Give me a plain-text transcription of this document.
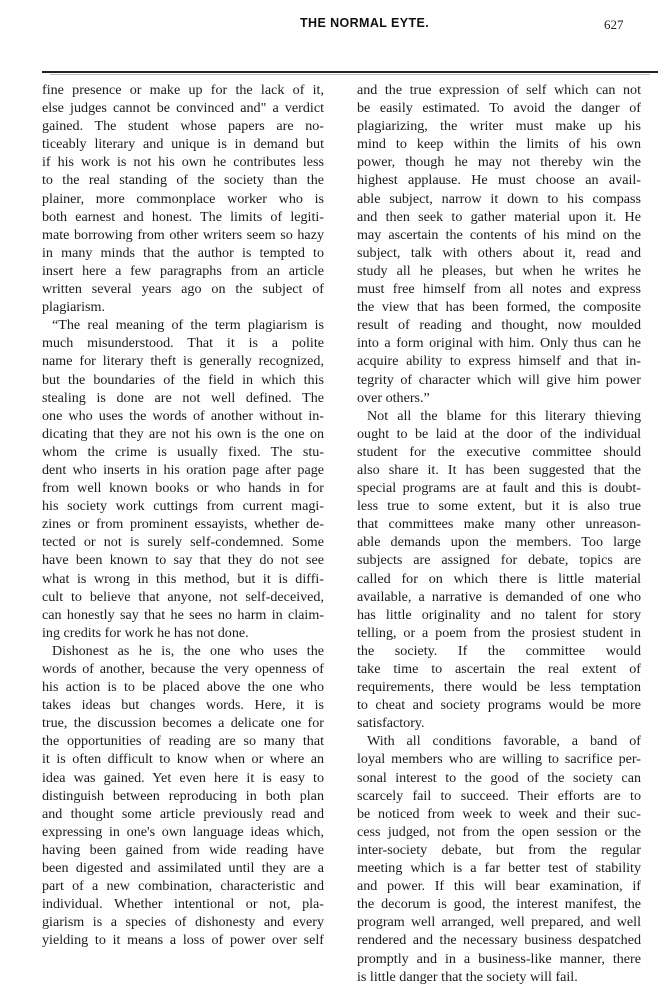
THE NORMAL EYTE.	627
fine presence or make up for the lack of it,
else judges cannot be convinced and" a verdict
gained. The student whose papers are no-
ticeably literary and unique is in demand but
if his work is not his own he contributes less
to the real standing of the society than the
plainer, more commonplace worker who is
both earnest and honest. The limits of legiti-
mate borrowing from other writers seem so hazy
in many minds that the author is tempted to
insert here a few paragraphs from an article
written several years ago on the subject of
plagiarism.
“The real meaning of the term plagiarism is
much misunderstood. That it is a polite
name for literary theft is generally recognized,
but the boundaries of the field in which this
stealing is done are not well defined. The
one who uses the words of another without in-
dicating that they are not his own is the one on
whom the crime is usually fixed. The stu-
dent who inserts in his oration page after page
from well known books or who hands in for
his society work cuttings from current magi-
zines or from prominent essayists, whether de-
tected or not is surely self-condemned. Some
have been known to say that they do not see
what is wrong in this method, but it is diffi-
cult to believe that anyone, not self-deceived,
can honestly say that he sees no harm in claim-
ing credits for work he has not done.
Dishonest as he is, the one who uses the
words of another, because the very openness of
his action is to be placed above the one who
takes ideas but changes words. Here, it is
true, the discussion becomes a delicate one for
the opportunities of reading are so many that
it is often difficult to know when or where an
idea was gained. Yet even here it is easy to
distinguish between reproducing in both plan
and thought some article previously read and
expressing in one's own language ideas which,
having been gained from wide reading have
been digested and assimilated until they are a
part of a new combination, characteristic and
individual. Whether intentional or not, pla-
giarism is a species of dishonesty and every
yielding to it means a loss of power over self
and the true expression of self which can not
be easily estimated. To avoid the danger of
plagiarizing, the writer must make up his
mind to keep within the limits of his own
power, though he may not thereby win the
highest applause. He must choose an avail-
able subject, narrow it down to his compass
and then seek to gather material upon it. He
may ascertain the contents of his mind on the
subject, talk with others about it, read and
study all he pleases, but when he writes he
must free himself from all notes and express
the view that has been formed, the composite
result of reading and thought, now moulded
into a form original with him. Only thus can he
acquire ability to express himself and that in-
tegrity of character which will give him power
over others.”
Not all the blame for this literary thieving
ought to be laid at the door of the individual
student for the executive committee should
also share it. It has been suggested that the
special programs are at fault and this is doubt-
less true to some extent, but it is also true
that committees make many other unreason-
able demands upon the members. Too large
subjects are assigned for debate, topics are
called for on which there is little material
available, a narrative is demanded of one who
has little originality and no talent for story
telling, or a poem from the prosiest student in
the society. If the committee would
take time to ascertain the real extent of
requirements, there would be less temptation
to cheat and society programs would be more
satisfactory.
With all conditions favorable, a band of
loyal members who are willing to sacrifice per-
sonal interest to the good of the society can
scarcely fail to succeed. Their efforts are to
be noticed from week to week and their suc-
cess judged, not from the open session or the
inter-society debate, but from the regular
meeting which is a far better test of stability
and power. If this will bear examination, if
the decorum is good, the interest manifest, the
program well arranged, well prepared, and well
rendered and the necessary business despatched
promptly and in a business-like manner, there
is little danger that the society will fail.
